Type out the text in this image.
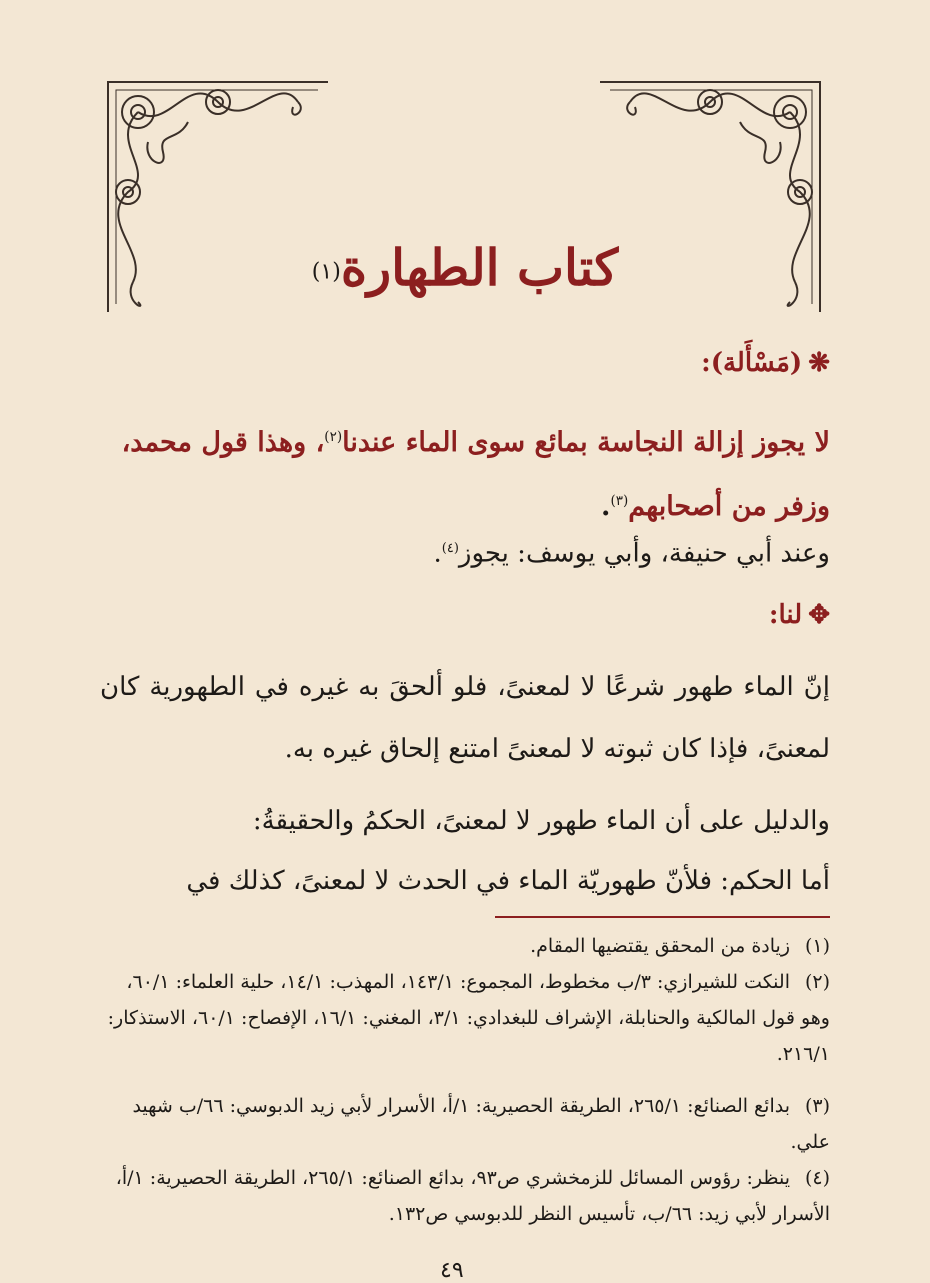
كتاب الطهارة$^{(١)}$
❋(مَسْأَلة):
لا يجوز إزالة النجاسة بمائع سوى الماء عندنا$^{(٢)}$، وهذا قول محمد، وزفر من أصحابهم$^{(٣)}$.
وعند أبي حنيفة، وأبي يوسف: يجوز$^{(٤)}$.
✥لنا:
إنّ الماء طهور شرعًا لا لمعنىً، فلو ألحقَ به غيره في الطهورية كان لمعنىً، فإذا كان ثبوته لا لمعنىً امتنع إلحاق غيره به.
والدليل على أن الماء طهور لا لمعنىً، الحكمُ والحقيقةُ:
أما الحكم: فلأنّ طهوريّة الماء في الحدث لا لمعنىً، كذلك في
(١)زيادة من المحقق يقتضيها المقام.
(٢)النكت للشيرازي: ٣/ب مخطوط، المجموع: ١٤٣/١، المهذب: ١٤/١، حلية العلماء: ٦٠/١، وهو قول المالكية والحنابلة، الإشراف للبغدادي: ٣/١، المغني: ١٦/١، الإفصاح: ٦٠/١، الاستذكار: ٢١٦/١.
(٣)بدائع الصنائع: ٢٦٥/١، الطريقة الحصيرية: ١/أ، الأسرار لأبي زيد الدبوسي: ٦٦/ب شهيد علي.
(٤)ينظر: رؤوس المسائل للزمخشري ص٩٣، بدائع الصنائع: ٢٦٥/١، الطريقة الحصيرية: ١/أ، الأسرار لأبي زيد: ٦٦/ب، تأسيس النظر للدبوسي ص١٣٢.
٤٩
